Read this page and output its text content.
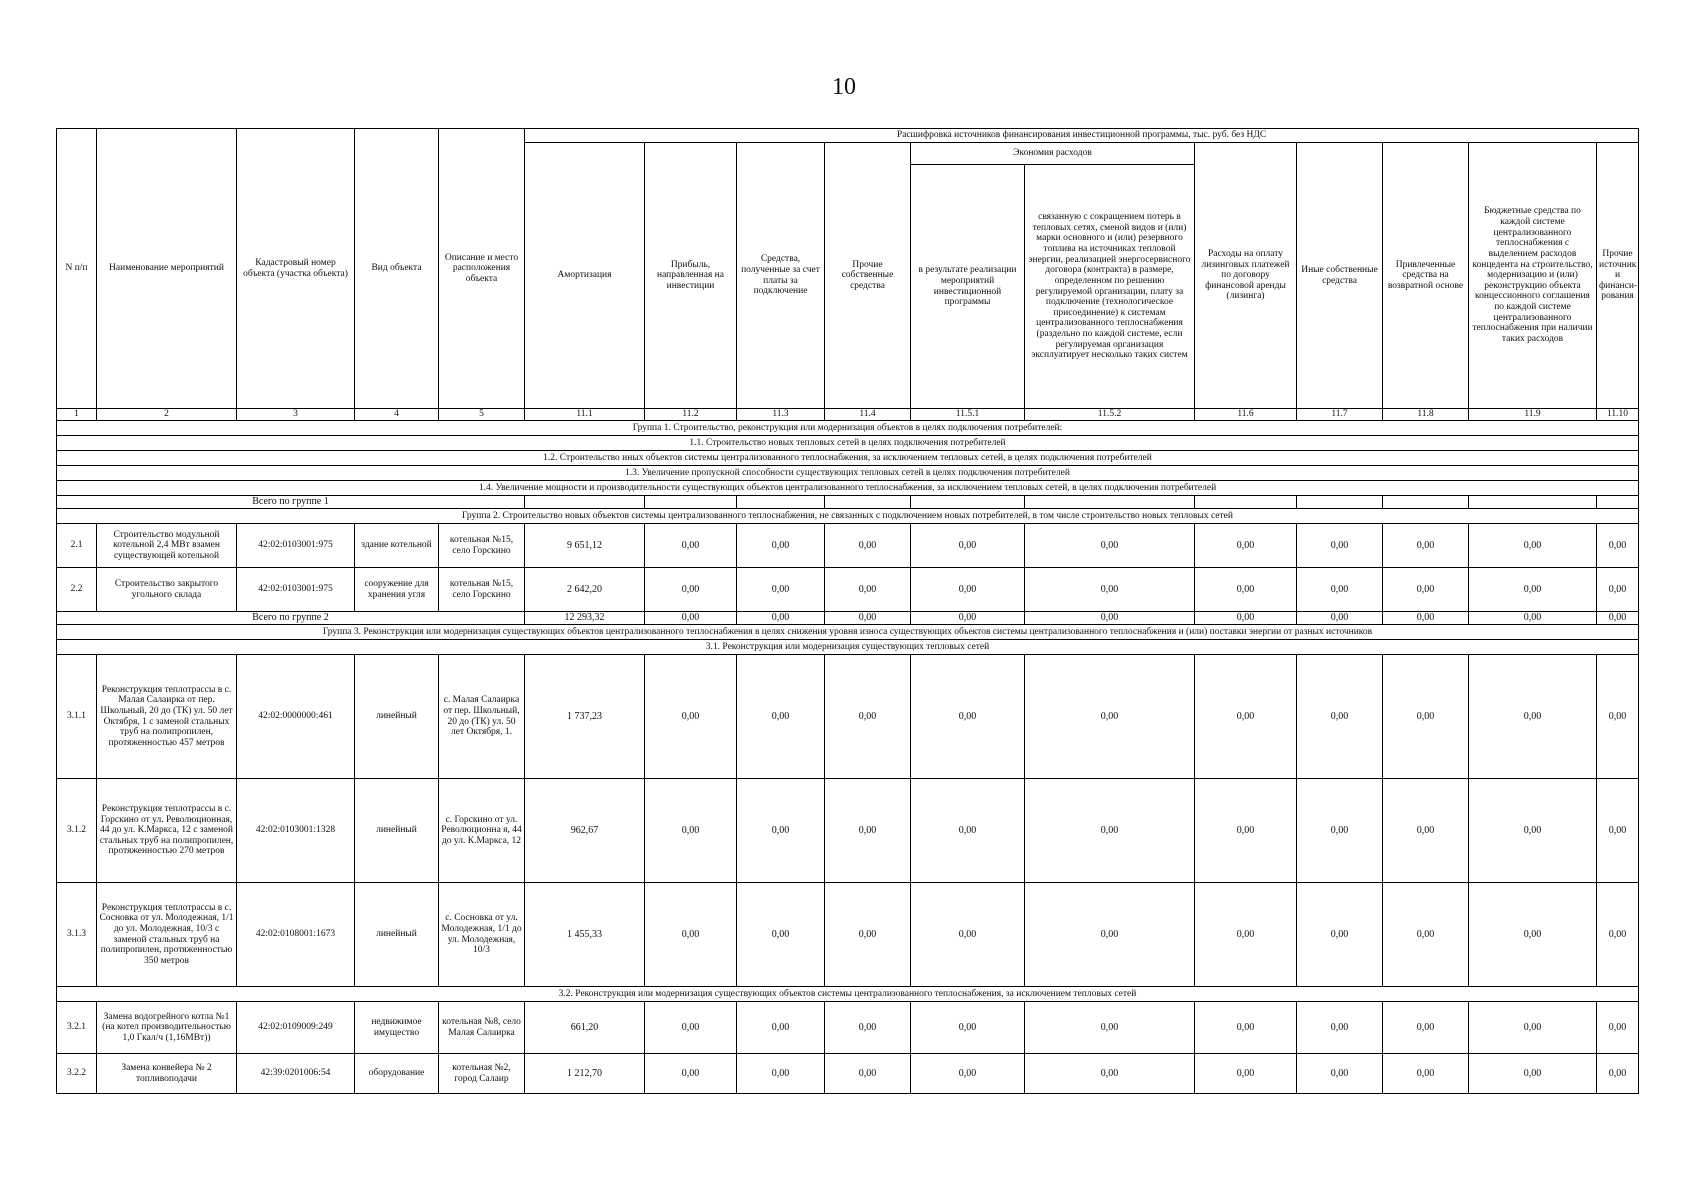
10
N п/п	Наименование мероприятий	Кадастровый номер объекта (участка объекта)	Вид объекта	Описание и место расположения объекта	Расшифровка источников финансирования инвестиционной программы, тыс. руб. без НДС										
					Амортизация	Прибыль, направленная на инвестиции	Средства, полученные за счет платы за подключение	Прочие собственные средства	Экономия расходов		Расходы на оплату лизинговых платежей по договору финансовой аренды (лизинга)	Иные собственные средства	Привлеченные средства на возвратной основе	Бюджетные средства по каждой системе централизованного теплоснабжения с выделением расходов концедента на строительство, модернизацию и (или) реконструкцию объекта концессионного соглашения по каждой системе централизованного теплоснабжения при наличии таких расходов	Прочие источник и финанси-рования
									в результате реализации мероприятий инвестиционной программы	связанную с сокращением потерь в тепловых сетях, сменой видов и (или) марки основного и (или) резервного топлива на источниках тепловой энергии, реализацией энергосервисного договора (контракта) в размере, определенном по решению регулируемой организации, плату за подключение (технологическое присоединение) к системам централизованного теплоснабжения (раздельно по каждой системе, если регулируемая организация эксплуатирует несколько таких систем					
1	2	3	4	5	11.1	11.2	11.3	11.4	11.5.1	11.5.2	11.6	11.7	11.8	11.9	11.10
Группа 1. Строительство, реконструкция или модернизация объектов в целях подключения потребителей:															
1.1. Строительство новых тепловых сетей в целях подключения потребителей															
1.2. Строительство иных объектов системы централизованного теплоснабжения, за исключением тепловых сетей, в целях подключения потребителей															
1.3. Увеличение пропускной способности существующих тепловых сетей в целях подключения потребителей															
1.4. Увеличение мощности и производительности существующих объектов централизованного теплоснабжения, за исключением тепловых сетей, в целях подключения потребителей															
Всего по группе 1															
Группа 2. Строительство новых объектов системы централизованного теплоснабжения, не связанных с подключением новых потребителей, в том числе строительство новых тепловых сетей															
2.1	Строительство модульной котельной 2,4 МВт взамен существующей котельной	42:02:0103001:975	здание котельной	котельная №15, село Горскино	9 651,12	0,00	0,00	0,00	0,00	0,00	0,00	0,00	0,00	0,00	0,00
2.2	Строительство закрытого угольного склада	42:02:0103001:975	сооружение для хранения угля	котельная №15, село Горскино	2 642,20	0,00	0,00	0,00	0,00	0,00	0,00	0,00	0,00	0,00	0,00
Всего по группе 2					12 293,32	0,00	0,00	0,00	0,00	0,00	0,00	0,00	0,00	0,00	0,00
Группа 3. Реконструкция или модернизация существующих объектов централизованного теплоснабжения в целях снижения уровня износа существующих объектов системы централизованного теплоснабжения и (или) поставки энергии от разных источников															
3.1. Реконструкция или модернизация существующих тепловых сетей															
3.1.1	Реконструкция теплотрассы в с. Малая Салаирка от пер. Школьный, 20 до (ТК) ул. 50 лет Октября, 1 с заменой стальных труб на полипропилен, протяженностью 457 метров	42:02:0000000:461	линейный	с. Малая Салаирка от пер. Школьный, 20 до (ТК) ул. 50 лет Октября, 1.	1 737,23	0,00	0,00	0,00	0,00	0,00	0,00	0,00	0,00	0,00	0,00
3.1.2	Реконструкция теплотрассы в с. Горскино от ул. Революционная, 44 до ул. К.Маркса, 12 с заменой стальных труб на полипропилен, протяженностью 270 метров	42:02:0103001:1328	линейный	с. Горскино от ул. Революционна я, 44 до ул. К.Маркса, 12	962,67	0,00	0,00	0,00	0,00	0,00	0,00	0,00	0,00	0,00	0,00
3.1.3	Реконструкция теплотрассы в с. Сосновка от ул. Молодежная, 1/1 до ул. Молодежная, 10/3 с заменой стальных труб на полипропилен, протяженностью 350 метров	42:02:0108001:1673	линейный	с. Сосновка от ул. Молодежная, 1/1 до ул. Молодежная, 10/3	1 455,33	0,00	0,00	0,00	0,00	0,00	0,00	0,00	0,00	0,00	0,00
3.2. Реконструкция или модернизация существующих объектов системы централизованного теплоснабжения, за исключением тепловых сетей															
3.2.1	Замена водогрейного котла №1 (на котел производительностью 1,0 Гкал/ч (1,16МВт))	42:02:0109009:249	недвижимое имущество	котельная №8, село Малая Салаирка	661,20	0,00	0,00	0,00	0,00	0,00	0,00	0,00	0,00	0,00	0,00
3.2.2	Замена конвейера № 2 топливоподачи	42:39:0201006:54	оборудование	котельная №2, город Салаир	1 212,70	0,00	0,00	0,00	0,00	0,00	0,00	0,00	0,00	0,00	0,00
